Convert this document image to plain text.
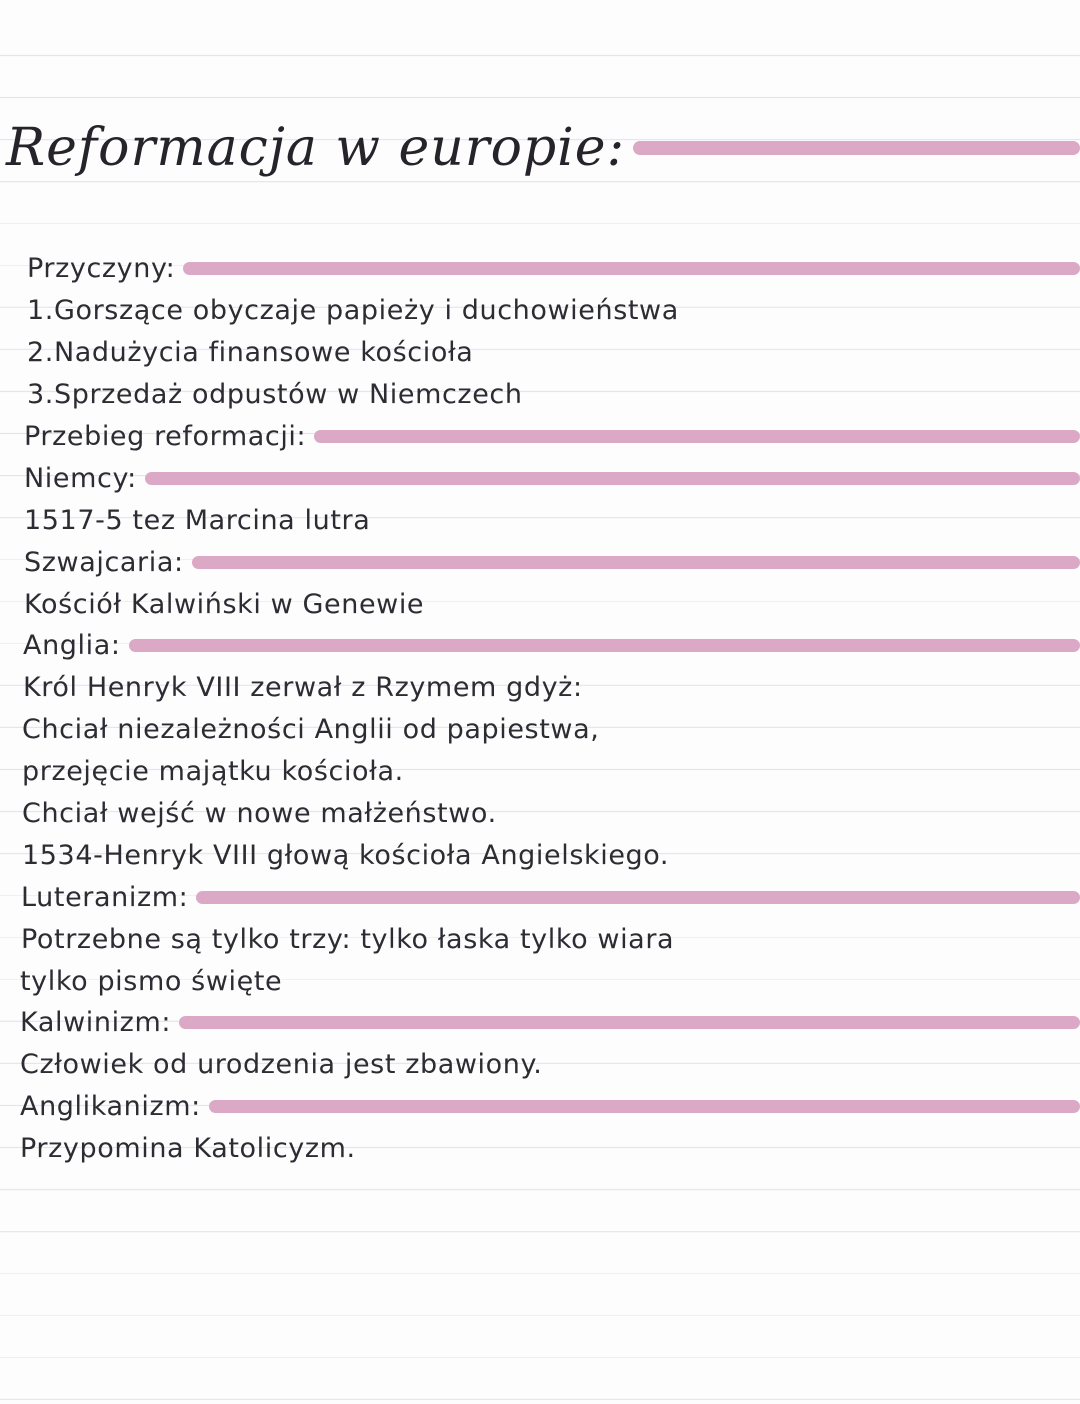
Reformacja w europie:
Przyczyny:
1.Gorszące obyczaje papieży i duchowieństwa
2.Nadużycia finansowe kościoła
3.Sprzedaż odpustów w Niemczech
Przebieg reformacji:
Niemcy:
1517-5 tez Marcina lutra
Szwajcaria:
Kościół Kalwiński w Genewie
Anglia:
Król Henryk VIII zerwał z Rzymem gdyż:
Chciał niezależności Anglii od papiestwa,
przejęcie majątku kościoła.
Chciał wejść w nowe małżeństwo.
1534-Henryk VIII głową kościoła Angielskiego.
Luteranizm:
Potrzebne są tylko trzy: tylko łaska tylko wiara
tylko pismo święte
Kalwinizm:
Człowiek od urodzenia jest zbawiony.
Anglikanizm:
Przypomina Katolicyzm.
